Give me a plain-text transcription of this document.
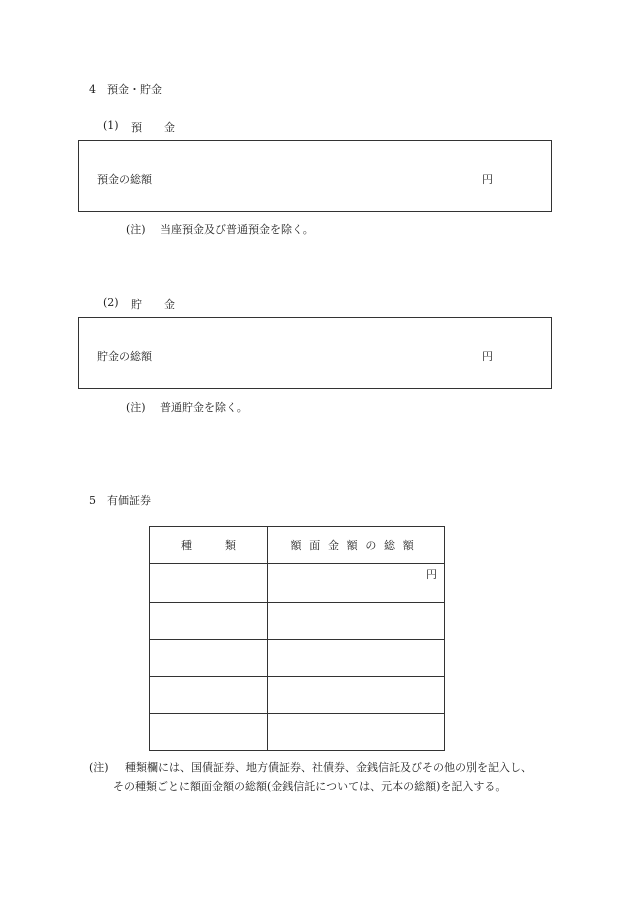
4　預金・貯金
(1) 預　　金
預金の総額	円
(注) 当座預金及び普通預金を除く。
(2) 貯　　金
貯金の総額	円
(注) 普通貯金を除く。
5　有価証券
種　　　類	額面金額の総額
	円

(注) 種類欄には、国債証券、地方債証券、社債券、金銭信託及びその他の別を記入し、
その種類ごとに額面金額の総額(金銭信託については、元本の総額)を記入する。
